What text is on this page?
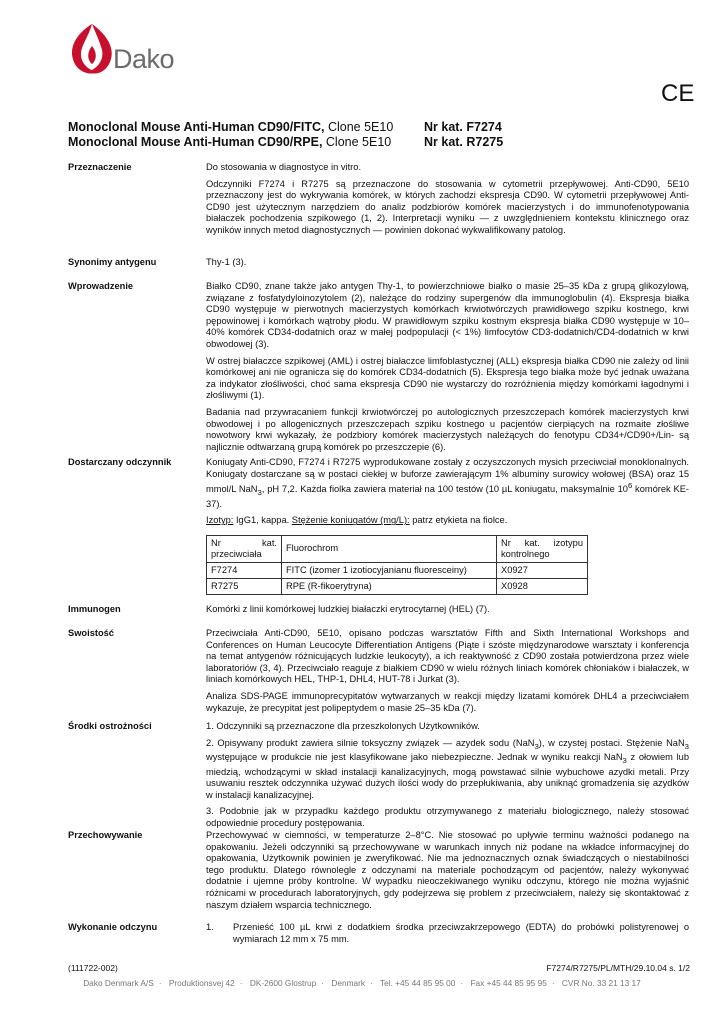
Dako
CE
Monoclonal Mouse Anti-Human CD90/FITC, Clone 5E10 Nr kat. F7274
Monoclonal Mouse Anti-Human CD90/RPE, Clone 5E10	Nr kat. R7275
Przeznaczenie	Do stosowania w diagnostyce in vitro.

Odczynniki F7274 i R7275 są przeznaczone do stosowania w cytometrii przepływowej. Anti-CD90, 5E10 przeznaczony jest do wykrywania komórek, w których zachodzi ekspresja CD90. W cytometrii przepływowej Anti-CD90 jest użytecznym narzędziem do analiz podzbiorów komórek macierzystych i do immunofenotypowania białaczek pochodzenia szpikowego (1, 2). Interpretacji wyniku — z uwzględnieniem kontekstu klinicznego oraz wyników innych metod diagnostycznych — powinien dokonać wykwalifikowany patolog.

Synonimy antygenu	Thy-1 (3).

Wprowadzenie	Białko CD90, znane także jako antygen Thy-1, to powierzchniowe białko o masie 25–35 kDa z grupą glikozylową, związane z fosfatydyloinozytolem (2), należące do rodziny supergenów dla immunoglobulin (4). Ekspresja białka CD90 występuje w pierwotnych macierzystych komórkach krwiotwórczych prawidłowego szpiku kostnego, krwi pępowinowej i komórkach wątroby płodu. W prawidłowym szpiku kostnym ekspresja białka CD90 występuje w 10–40% komórek CD34-dodatnich oraz w małej podpopulacji (< 1%) limfocytów CD3-dodatnich/CD4-dodatnich w krwi obwodowej (3).

W ostrej białaczce szpikowej (AML) i ostrej białaczce limfoblastycznej (ALL) ekspresja białka CD90 nie zależy od linii komórkowej ani nie ogranicza się do komórek CD34-dodatnich (5). Ekspresja tego białka może być jednak uważana za indykator złośliwości, choć sama ekspresja CD90 nie wystarczy do rozróżnienia między komórkami łagodnymi i złośliwymi (1).

Badania nad przywracaniem funkcji krwiotwórczej po autologicznych przeszczepach komórek macierzystych krwi obwodowej i po allogenicznych przeszczepach szpiku kostnego u pacjentów cierpiących na rozmaite złośliwe nowotwory krwi wykazały, że podzbiory komórek macierzystych należących do fenotypu CD34+/CD90+/Lin- są najlicznie odtwarzaną grupą komórek po przeszczepie (6).

Dostarczany odczynnik	Koniugaty Anti-CD90, F7274 i R7275 wyprodukowane zostały z oczyszczonych mysich przeciwciał monoklonalnych. Koniugaty dostarczane są w postaci ciekłej w buforze zawierającym 1% albuminy surowicy wołowej (BSA) oraz 15 mmol/L NaN$_3$, pH 7,2. Każda fiolka zawiera materiał na 100 testów (10 µL koniugatu, maksymalnie $10^6$ komórek KE-37).

Izotyp: IgG1, kappa. Stężenie koniugatów (mg/L): patrz etykieta na fiolce.

Nr kat. przeciwciała	Fluorochrom	Nr kat. izotypu kontrolnego
F7274	FITC (izomer 1 izotiocyjanianu fluoresceiny)	X0927
R7275	RPE (R-fikoerytryna)	X0928
Immunogen	Komórki z linii komórkowej ludzkiej białaczki erytrocytarnej (HEL) (7).

Swoistość	Przeciwciała Anti-CD90, 5E10, opisano podczas warsztatów Fifth and Sixth International Workshops and Conferences on Human Leucocyte Differentiation Antigens (Piąte i szóste międzynarodowe warsztaty i konferencja na temat antygenów różnicujących ludzkie leukocyty), a ich reaktywność z CD90 została potwierdzona przez wiele laboratoriów (3, 4). Przeciwciało reaguje z białkiem CD90 w wielu różnych liniach komórek chłoniaków i białaczek, w liniach komórkowych HEL, THP-1, DHL4, HUT-78 i Jurkat (3).

Analiza SDS-PAGE immunoprecypitatów wytwarzanych w reakcji między lizatami komórek DHL4 a przeciwciałem wykazuje, że precypitat jest polipeptydem o masie 25–35 kDa (7).

Środki ostrożności	1. Odczynniki są przeznaczone dla przeszkolonych Użytkowników.

2. Opisywany produkt zawiera silnie toksyczny związek — azydek sodu (NaN$_3$), w czystej postaci. Stężenie NaN$_3$ występujące w produkcie nie jest klasyfikowane jako niebezpieczne. Jednak w wyniku reakcji NaN$_3$ z ołowiem lub miedzią, wchodzącymi w skład instalacji kanalizacyjnych, mogą powstawać silnie wybuchowe azydki metali. Przy usuwaniu resztek odczynnika używać dużych ilości wody do przepłukiwania, aby uniknąć gromadzenia się azydków w instalacji kanalizacyjnej.

3. Podobnie jak w przypadku każdego produktu otrzymywanego z materiału biologicznego, należy stosować odpowiednie procedury postępowania.

Przechowywanie	Przechowywać w ciemności, w temperaturze 2–8°C. Nie stosować po upływie terminu ważności podanego na opakowaniu. Jeżeli odczynniki są przechowywane w warunkach innych niż podane na wkładce informacyjnej do opakowania, Użytkownik powinien je zweryfikować. Nie ma jednoznacznych oznak świadczących o niestabilności tego produktu. Dlatego równolegle z odczynami na materiale pochodzącym od pacjentów, należy wykonywać dodatnie i ujemne próby kontrolne. W wypadku nieoczekiwanego wyniku odczynu, którego nie można wyjaśnić różnicami w procedurach laboratoryjnych, gdy podejrzewa się problem z przeciwciałem, należy się skontaktować z naszym działem wsparcia technicznego.

Wykonanie odczynu	1. Przenieść 100 µL krwi z dodatkiem środka przeciwzakrzepowego (EDTA) do probówki polistyrenowej o wymiarach 12 mm x 75 mm.
(111722-002)	F7274/R7275/PL/MTH/29.10.04 s. 1/2
Dako Denmark A/S · Produktionsvej 42 · DK-2600 Glostrup · Denmark · Tel. +45 44 85 95 00 · Fax +45 44 85 95 95 · CVR No. 33 21 13 17
